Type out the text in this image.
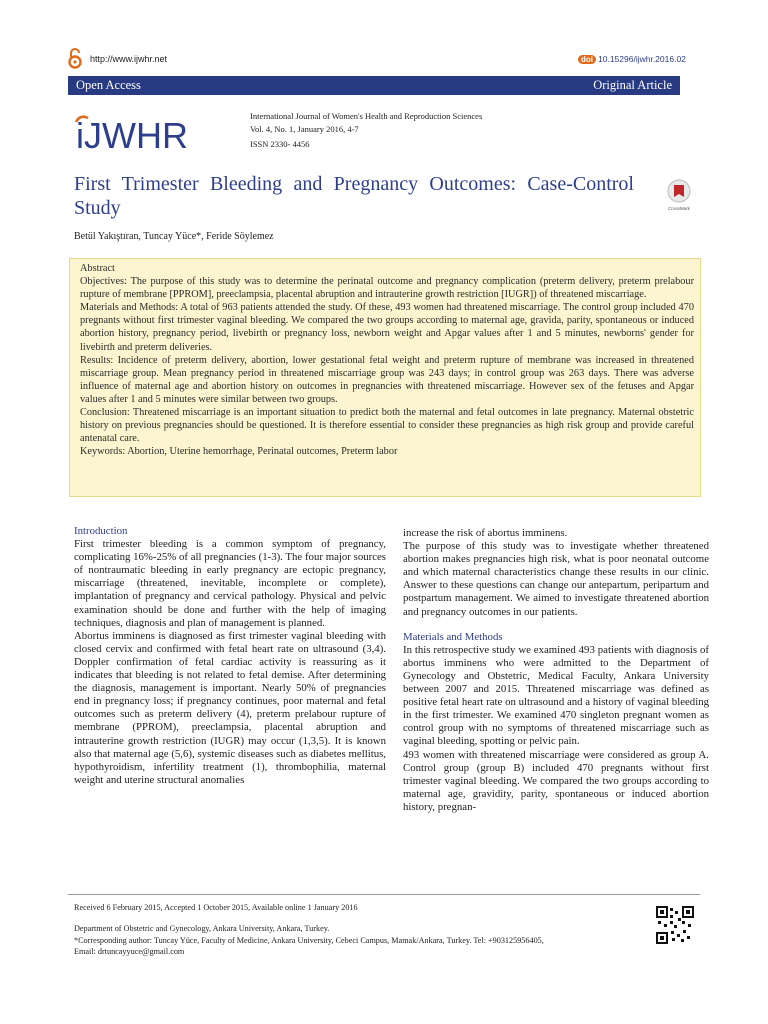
http://www.ijwhr.net	doi 10.15296/ijwhr.2016.02
Open Access	Original Article
iJWHR	International Journal of Women's Health and Reproduction Sciences
Vol. 4, No. 1, January 2016, 4-7
ISSN 2330- 4456
First Trimester Bleeding and Pregnancy Outcomes: Case-Control Study	CrossMark
Betül Yakıştıran, Tuncay Yüce*, Feride Söylemez

Abstract

Objectives: The purpose of this study was to determine the perinatal outcome and pregnancy complication (preterm delivery, preterm prelabour rupture of membrane [PPROM], preeclampsia, placental abruption and intrauterine growth restriction [IUGR]) of threatened miscarriage.

Materials and Methods: A total of 963 patients attended the study. Of these, 493 women had threatened miscarriage. The control group included 470 pregnants without first trimester vaginal bleeding. We compared the two groups according to maternal age, gravida, parity, spontaneous or induced abortion history, pregnancy period, livebirth or pregnancy loss, newborn weight and Apgar values after 1 and 5 minutes, newborns' gender for livebirth and preterm deliveries.

Results: Incidence of preterm delivery, abortion, lower gestational fetal weight and preterm rupture of membrane was increased in threatened miscarriage group. Mean pregnancy period in threatened miscarriage group was 243 days; in control group was 263 days. There was adverse influence of maternal age and abortion history on outcomes in pregnancies with threatened miscarriage. However sex of the fetuses and Apgar values after 1 and 5 minutes were similar between two groups.

Conclusion: Threatened miscarriage is an important situation to predict both the maternal and fetal outcomes in late pregnancy. Maternal obstetric history on previous pregnancies should be questioned. It is therefore essential to consider these pregnancies as high risk group and provide careful antenatal care.

Keywords: Abortion, Uterine hemorrhage, Perinatal outcomes, Preterm labor

Introduction

First trimester bleeding is a common symptom of pregnancy, complicating 16%-25% of all pregnancies (1-3). The four major sources of nontraumatic bleeding in early pregnancy are ectopic pregnancy, miscarriage (threatened, inevitable, incomplete or complete), implantation of pregnancy and cervical pathology. Physical and pelvic examination should be done and further with the help of imaging techniques, diagnosis and plan of management is planned.

Abortus imminens is diagnosed as first trimester vaginal bleeding with closed cervix and confirmed with fetal heart rate on ultrasound (3,4). Doppler confirmation of fetal cardiac activity is reassuring as it indicates that bleeding is not related to fetal demise. After determining the diagnosis, management is important. Nearly 50% of pregnancies end in pregnancy loss; if pregnancy continues, poor maternal and fetal outcomes such as preterm delivery (4), preterm prelabour rupture of membrane (PPROM), preeclampsia, placental abruption and intrauterine growth restriction (IUGR) may occur (1,3,5). It is known also that maternal age (5,6), systemic diseases such as diabetes mellitus, hypothyroidism, infertility treatment (1), thrombophilia, maternal weight and uterine structural anomalies

increase the risk of abortus imminens.

The purpose of this study was to investigate whether threatened abortion makes pregnancies high risk, what is poor neonatal outcome and which maternal characteristics change these results in our clinic. Answer to these questions can change our antepartum, peripartum and postpartum management. We aimed to investigate threatened abortion and pregnancy outcomes in our patients.

Materials and Methods

In this retrospective study we examined 493 patients with diagnosis of abortus imminens who were admitted to the Department of Gynecology and Obstetric, Medical Faculty, Ankara University between 2007 and 2015. Threatened miscarriage was defined as positive fetal heart rate on ultrasound and a history of vaginal bleeding in the first trimester. We examined 470 singleton pregnant women as control group with no symptoms of threatened miscarriage such as vaginal bleeding, spotting or pelvic pain.

493 women with threatened miscarriage were considered as group A. Control group (group B) included 470 pregnants without first trimester vaginal bleeding. We compared the two groups according to maternal age, gravidity, parity, spontaneous or induced abortion history, pregnan-

Received 6 February 2015, Accepted 1 October 2015, Available online 1 January 2016
Department of Obstetric and Gynecology, Ankara University, Ankara, Turkey.
*Corresponding author: Tuncay Yüce, Faculty of Medicine, Ankara University, Cebeci Campus, Mamak/Ankara, Turkey. Tel: +903125956405,
Email: drtuncayyuce@gmail.com
